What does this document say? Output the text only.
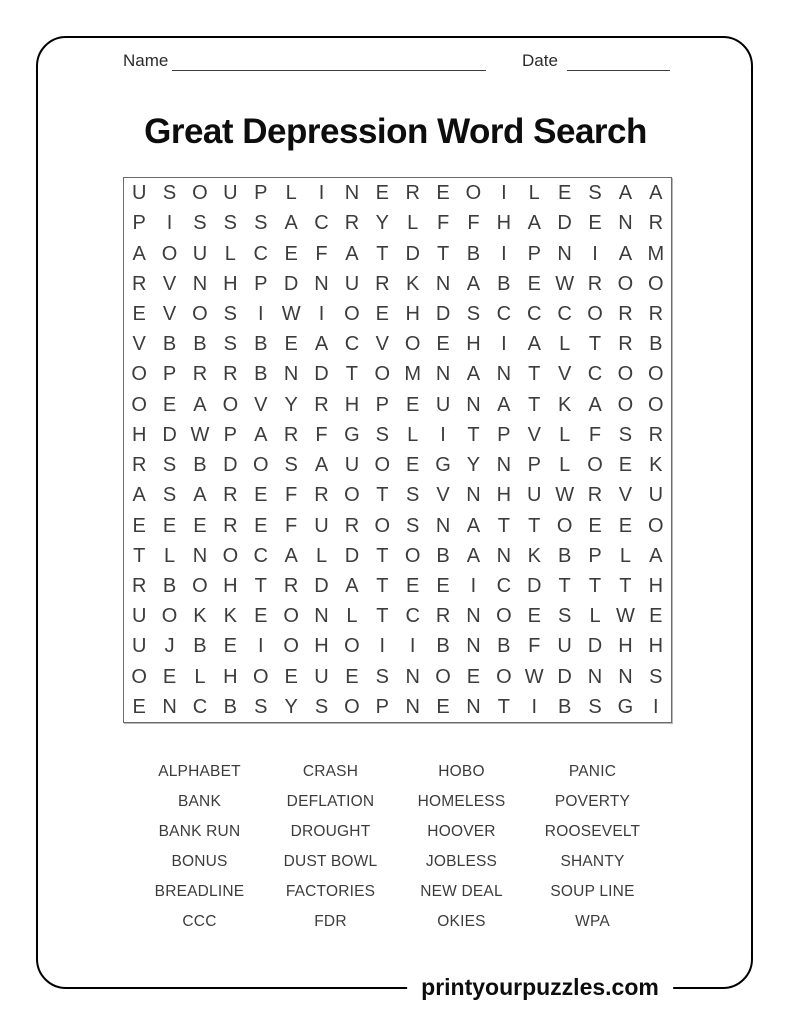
Name	Date
Great Depression Word Search
U S O U P L	I	N E R E O I	L E S A A
P	I	S S S A C R Y L F F H A D E N R
A O U L C E F A T D T B	I	P N	I	A M
R V N H P D N U R K N A B E W R O O
E V O S	I W I O E H D S C C C O R R
V B B S B E A C V O E H	I	A L T R B
O P R R B N D T O M N A N T V C O O
O E A O V Y R H P E U N A T K A O O
H D W P A R F G S L	I	T P V L F S R
R S B D O S A U O E G Y N P L O E K
A S A R E F R O T S V N H U W R V U
E E E R E F U R O S N A T T O E E O
T L N O C A L D T O B A N K B P L A
R B O H T R D A T E E	I	C D T T T H
U O K K E O N L T C R N O E S L W E
U J B E	I O H O I	I	B N B F U D H H
O E L H O E U E S N O E O W D N N S
E N C B S Y S O P N E N T	I	B S G I
ALPHABET
BANK
BANK RUN
BONUS
BREADLINE
CCC
CRASH
DEFLATION
DROUGHT
DUST BOWL
FACTORIES
FDR
HOBO
HOMELESS
HOOVER
JOBLESS
NEW DEAL
OKIES
PANIC
POVERTY
ROOSEVELT
SHANTY
SOUP LINE
WPA
printyourpuzzles.com
